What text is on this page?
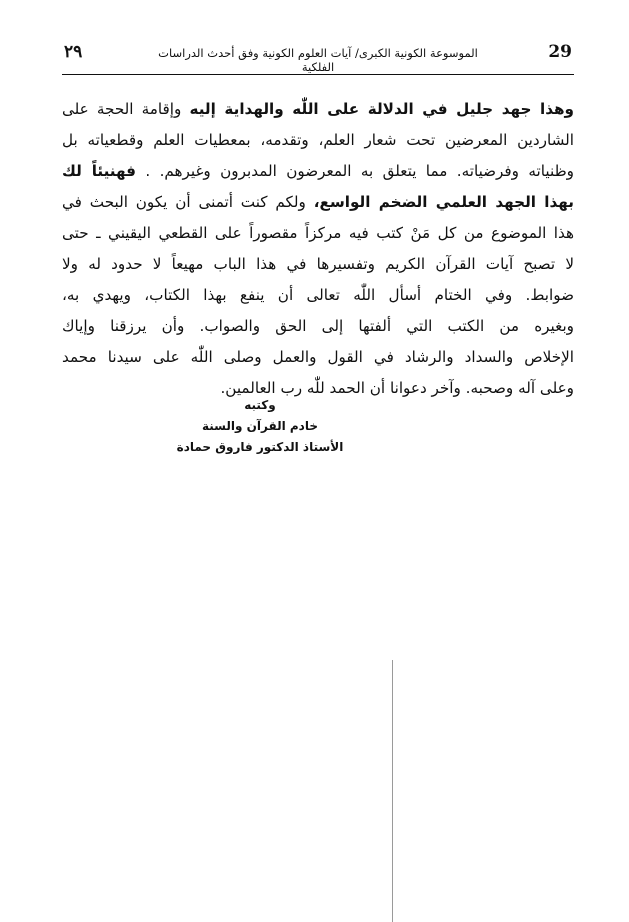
٢٩	الموسوعة الكونية الكبرى/ آيات العلوم الكونية وفق أحدث الدراسات الفلكية
29
وهذا جهد جليل في الدلالة على اللّٰه والهداية إليه وإقامة الحجة على
الشاردين المعرضين تحت شعار العلم، وتقدمه، بمعطيات العلم وقطعياته بل
وظنياته وفرضياته. مما يتعلق به المعرضون المدبرون وغيرهم. . فهنيئاً لك
بهذا الجهد العلمي الضخم الواسع، ولكم كنت أتمنى أن يكون البحث في
هذا الموضوع من كل مَنْ كتب فيه مركزاً مقصوراً على القطعي اليقيني ـ حتى
لا تصبح آيات القرآن الكريم وتفسيرها في هذا الباب مهيعاً لا حدود له ولا
ضوابط. وفي الختام أسأل اللّٰه تعالى أن ينفع بهذا الكتاب، ويهدي به،
وبغيره من الكتب التي ألفتها إلى الحق والصواب. وأن يرزقنا وإياك
الإخلاص والسداد والرشاد في القول والعمل وصلى اللّٰه على سيدنا محمد
وعلى آله وصحبه. وآخر دعوانا أن الحمد للّٰه رب العالمين.
وكتبه
خادم القرآن والسنة
الأستاذ الدكتور فاروق حمادة
